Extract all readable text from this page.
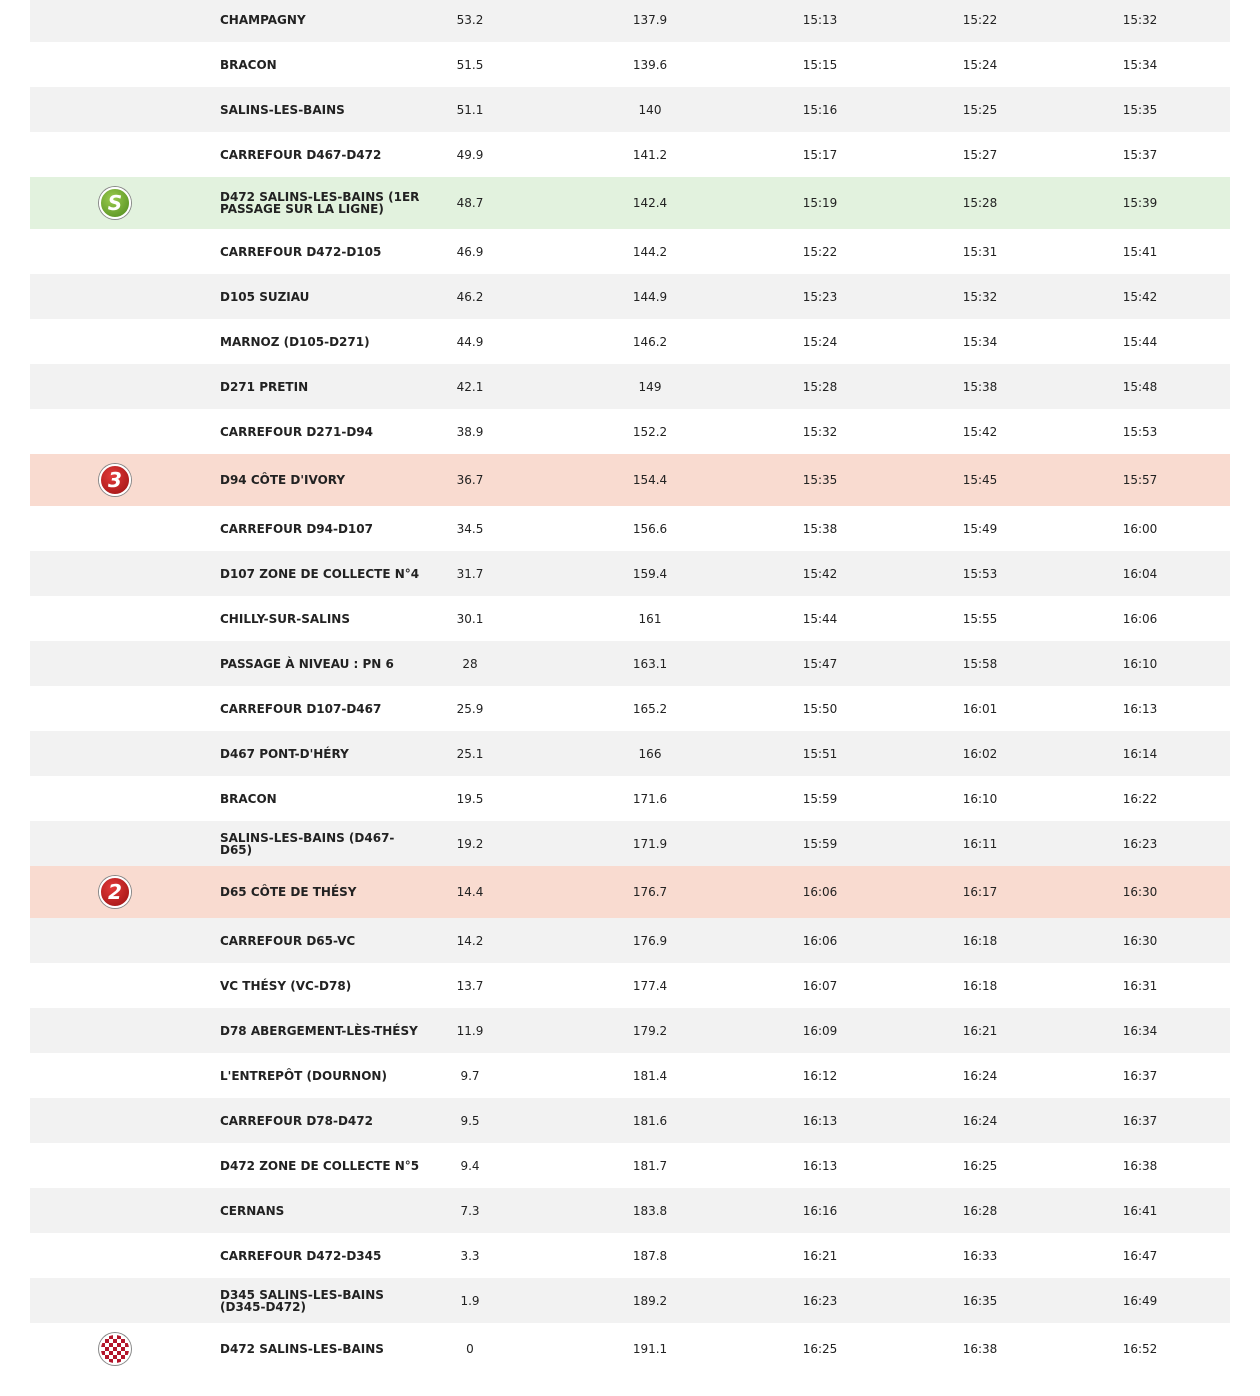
CHAMPAGNY	53.2	137.9	15:13	15:22	15:32
BRACON	51.5	139.6	15:15	15:24	15:34
SALINS-LES-BAINS	51.1	140	15:16	15:25	15:35
CARREFOUR D467-D472	49.9	141.2	15:17	15:27	15:37
S	D472 SALINS-LES-BAINS (1ER PASSAGE SUR LA LIGNE)	48.7	142.4	15:19	15:28	15:39
CARREFOUR D472-D105	46.9	144.2	15:22	15:31	15:41
D105 SUZIAU	46.2	144.9	15:23	15:32	15:42
MARNOZ (D105-D271)	44.9	146.2	15:24	15:34	15:44
D271 PRETIN	42.1	149	15:28	15:38	15:48
CARREFOUR D271-D94	38.9	152.2	15:32	15:42	15:53
3	D94 CÔTE D'IVORY	36.7	154.4	15:35	15:45	15:57
CARREFOUR D94-D107	34.5	156.6	15:38	15:49	16:00
D107 ZONE DE COLLECTE N°4	31.7	159.4	15:42	15:53	16:04
CHILLY-SUR-SALINS	30.1	161	15:44	15:55	16:06
PASSAGE À NIVEAU : PN 6	28	163.1	15:47	15:58	16:10
CARREFOUR D107-D467	25.9	165.2	15:50	16:01	16:13
D467 PONT-D'HÉRY	25.1	166	15:51	16:02	16:14
BRACON	19.5	171.6	15:59	16:10	16:22
SALINS-LES-BAINS (D467-D65)	19.2	171.9	15:59	16:11	16:23
2	D65 CÔTE DE THÉSY	14.4	176.7	16:06	16:17	16:30
CARREFOUR D65-VC	14.2	176.9	16:06	16:18	16:30
VC THÉSY (VC-D78)	13.7	177.4	16:07	16:18	16:31
D78 ABERGEMENT-LÈS-THÉSY	11.9	179.2	16:09	16:21	16:34
L'ENTREPÔT (DOURNON)	9.7	181.4	16:12	16:24	16:37
CARREFOUR D78-D472	9.5	181.6	16:13	16:24	16:37
D472 ZONE DE COLLECTE N°5	9.4	181.7	16:13	16:25	16:38
CERNANS	7.3	183.8	16:16	16:28	16:41
CARREFOUR D472-D345	3.3	187.8	16:21	16:33	16:47
D345 SALINS-LES-BAINS (D345-D472)	1.9	189.2	16:23	16:35	16:49
D472 SALINS-LES-BAINS	0	191.1	16:25	16:38	16:52
